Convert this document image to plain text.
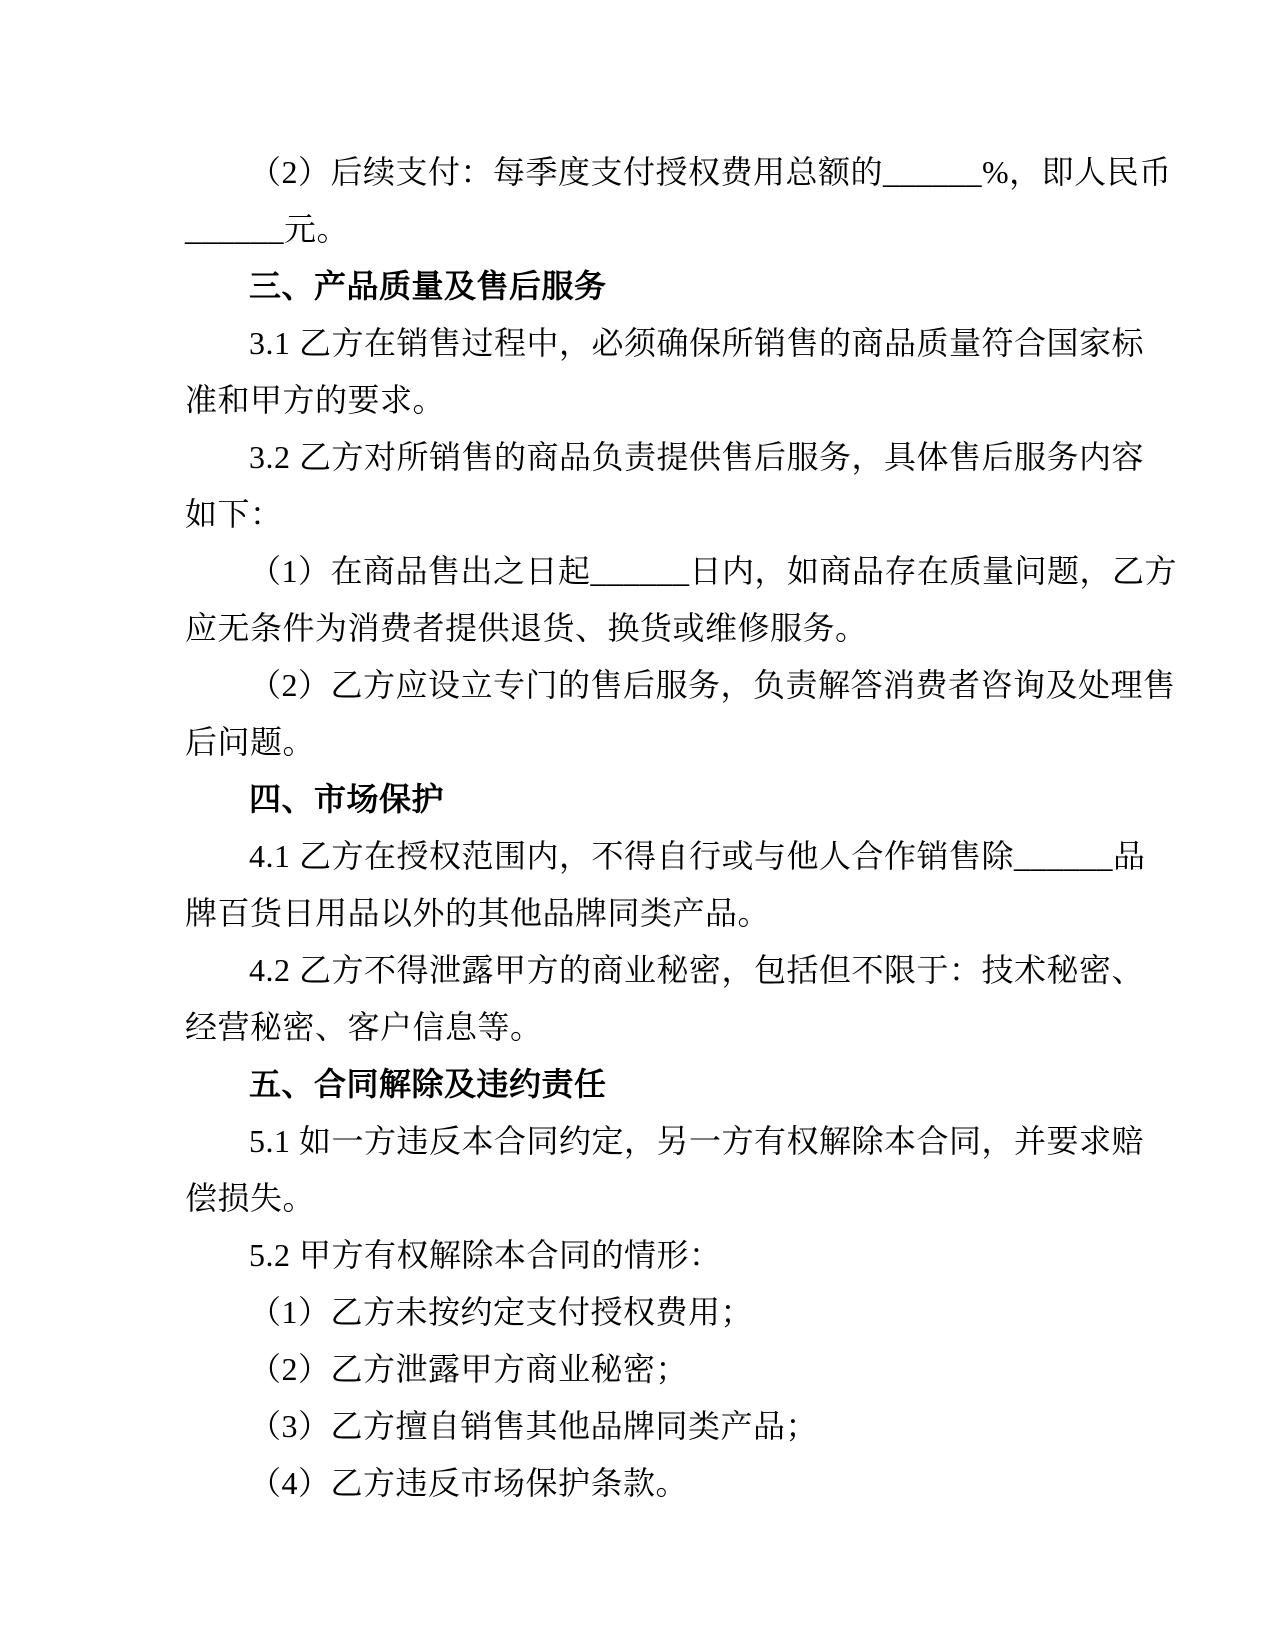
（2）后续支付：每季度支付授权费用总额的______%，即人民币
______元。

三、产品质量及售后服务

3.1 乙方在销售过程中，必须确保所销售的商品质量符合国家标
准和甲方的要求。

3.2 乙方对所销售的商品负责提供售后服务，具体售后服务内容
如下：

（1）在商品售出之日起______日内，如商品存在质量问题，乙方
应无条件为消费者提供退货、换货或维修服务。

（2）乙方应设立专门的售后服务，负责解答消费者咨询及处理售
后问题。

四、市场保护

4.1 乙方在授权范围内，不得自行或与他人合作销售除______品
牌百货日用品以外的其他品牌同类产品。

4.2 乙方不得泄露甲方的商业秘密，包括但不限于：技术秘密、
经营秘密、客户信息等。

五、合同解除及违约责任

5.1 如一方违反本合同约定，另一方有权解除本合同，并要求赔
偿损失。

5.2 甲方有权解除本合同的情形：

（1）乙方未按约定支付授权费用；

（2）乙方泄露甲方商业秘密；

（3）乙方擅自销售其他品牌同类产品；

（4）乙方违反市场保护条款。
